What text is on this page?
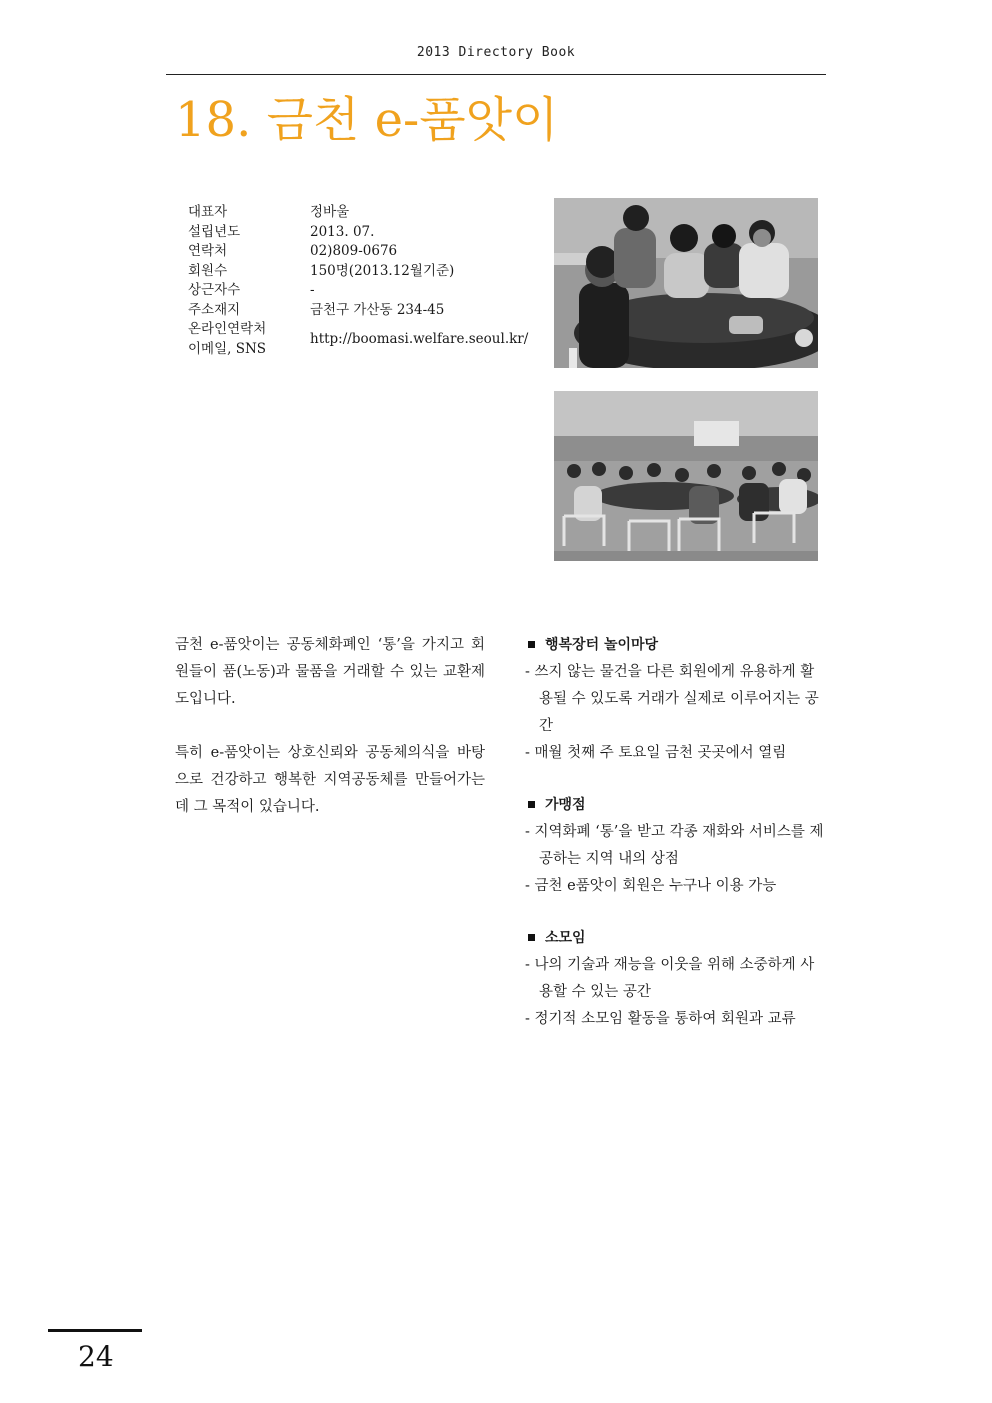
2013 Directory Book
18. 금천 e-품앗이
대표자	정바울
설립년도	2013. 07.
연락처	02)809-0676
회원수	150명(2013.12월기준)
상근자수	-
주소재지	금천구 가산동 234-45

온라인연락처
이메일, SNS	http://boomasi.welfare.seoul.kr/

금천 e-품앗이는 공동체화폐인 ‘통’을 가지고 회원들이 품(노동)과 물품을 거래할 수 있는 교환제도입니다.

특히 e-품앗이는 상호신뢰와 공동체의식을 바탕으로 건강하고 행복한 지역공동체를 만들어가는 데 그 목적이 있습니다.

행복장터 놀이마당
- 쓰지 않는 물건을 다른 회원에게 유용하게 활용될 수 있도록 거래가 실제로 이루어지는 공간
- 매월 첫째 주 토요일 금천 곳곳에서 열림
가맹점
- 지역화폐 ‘통’을 받고 각종 재화와 서비스를 제공하는 지역 내의 상점
- 금천 e품앗이 회원은 누구나 이용 가능
소모임
- 나의 기술과 재능을 이웃을 위해 소중하게 사용할 수 있는 공간
- 정기적 소모임 활동을 통하여 회원과 교류
24
